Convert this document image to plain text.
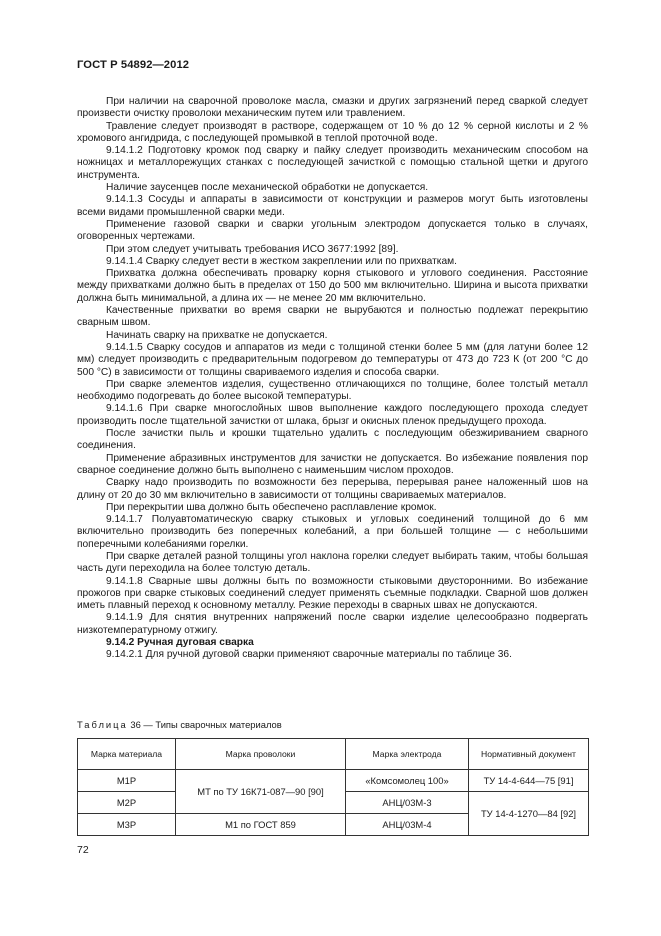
ГОСТ Р 54892—2012

При наличии на сварочной проволоке масла, смазки и других загрязнений перед сваркой следует произвести очистку проволоки механическим путем или травлением.

Травление следует производят в растворе, содержащем от 10 % до 12 % серной кислоты и 2 % хромового ангидрида, с последующей промывкой в теплой проточной воде.

9.14.1.2 Подготовку кромок под сварку и пайку следует производить механическим способом на ножницах и металлорежущих станках с последующей зачисткой с помощью стальной щетки и другого инструмента.

Наличие заусенцев после механической обработки не допускается.

9.14.1.3 Сосуды и аппараты в зависимости от конструкции и размеров могут быть изготовлены всеми видами промышленной сварки меди.

Применение газовой сварки и сварки угольным электродом допускается только в случаях, оговоренных чертежами.

При этом следует учитывать требования ИСО 3677:1992 [89].

9.14.1.4 Сварку следует вести в жестком закреплении или по прихваткам.

Прихватка должна обеспечивать проварку корня стыкового и углового соединения. Расстояние между прихватками должно быть в пределах от 150 до 500 мм включительно. Ширина и высота прихватки должна быть минимальной, а длина их — не менее 20 мм включительно.

Качественные прихватки во время сварки не вырубаются и полностью подлежат перекрытию сварным швом.

Начинать сварку на прихватке не допускается.

9.14.1.5 Сварку сосудов и аппаратов из меди с толщиной стенки более 5 мм (для латуни более 12 мм) следует производить с предварительным подогревом до температуры от 473 до 723 К (от 200 °С до 500 °С) в зависимости от толщины свариваемого изделия и способа сварки.

При сварке элементов изделия, существенно отличающихся по толщине, более толстый металл необходимо подогревать до более высокой температуры.

9.14.1.6 При сварке многослойных швов выполнение каждого последующего прохода следует производить после тщательной зачистки от шлака, брызг и окисных пленок предыдущего прохода.

После зачистки пыль и крошки тщательно удалить с последующим обезжириванием сварного соединения.

Применение абразивных инструментов для зачистки не допускается. Во избежание появления пор сварное соединение должно быть выполнено с наименьшим числом проходов.

Сварку надо производить по возможности без перерыва, перерывая ранее наложенный шов на длину от 20 до 30 мм включительно в зависимости от толщины свариваемых материалов.

При перекрытии шва должно быть обеспечено расплавление кромок.

9.14.1.7 Полуавтоматическую сварку стыковых и угловых соединений толщиной до 6 мм включительно производить без поперечных колебаний, а при большей толщине — с небольшими поперечными колебаниями горелки.

При сварке деталей разной толщины угол наклона горелки следует выбирать таким, чтобы большая часть дуги переходила на более толстую деталь.

9.14.1.8 Сварные швы должны быть по возможности стыковыми двусторонними. Во избежание прожогов при сварке стыковых соединений следует применять съемные подкладки. Сварной шов должен иметь плавный переход к основному металлу. Резкие переходы в сварных швах не допускаются.

9.14.1.9 Для снятия внутренних напряжений после сварки изделие целесообразно подвергать низкотемпературному отжигу.

9.14.2 Ручная дуговая сварка

9.14.2.1 Для ручной дуговой сварки применяют сварочные материалы по таблице 36.

Таблица 36 — Типы сварочных материалов
Марка материала	Марка проволоки	Марка электрода	Нормативный документ
М1Р	МТ по ТУ 16К71-087—90 [90]	«Комсомолец 100»	ТУ 14-4-644—75 [91]
М2Р		АНЦ/03М-3	ТУ 14-4-1270—84 [92]
М3Р	М1 по ГОСТ 859	АНЦ/03М-4	
72
